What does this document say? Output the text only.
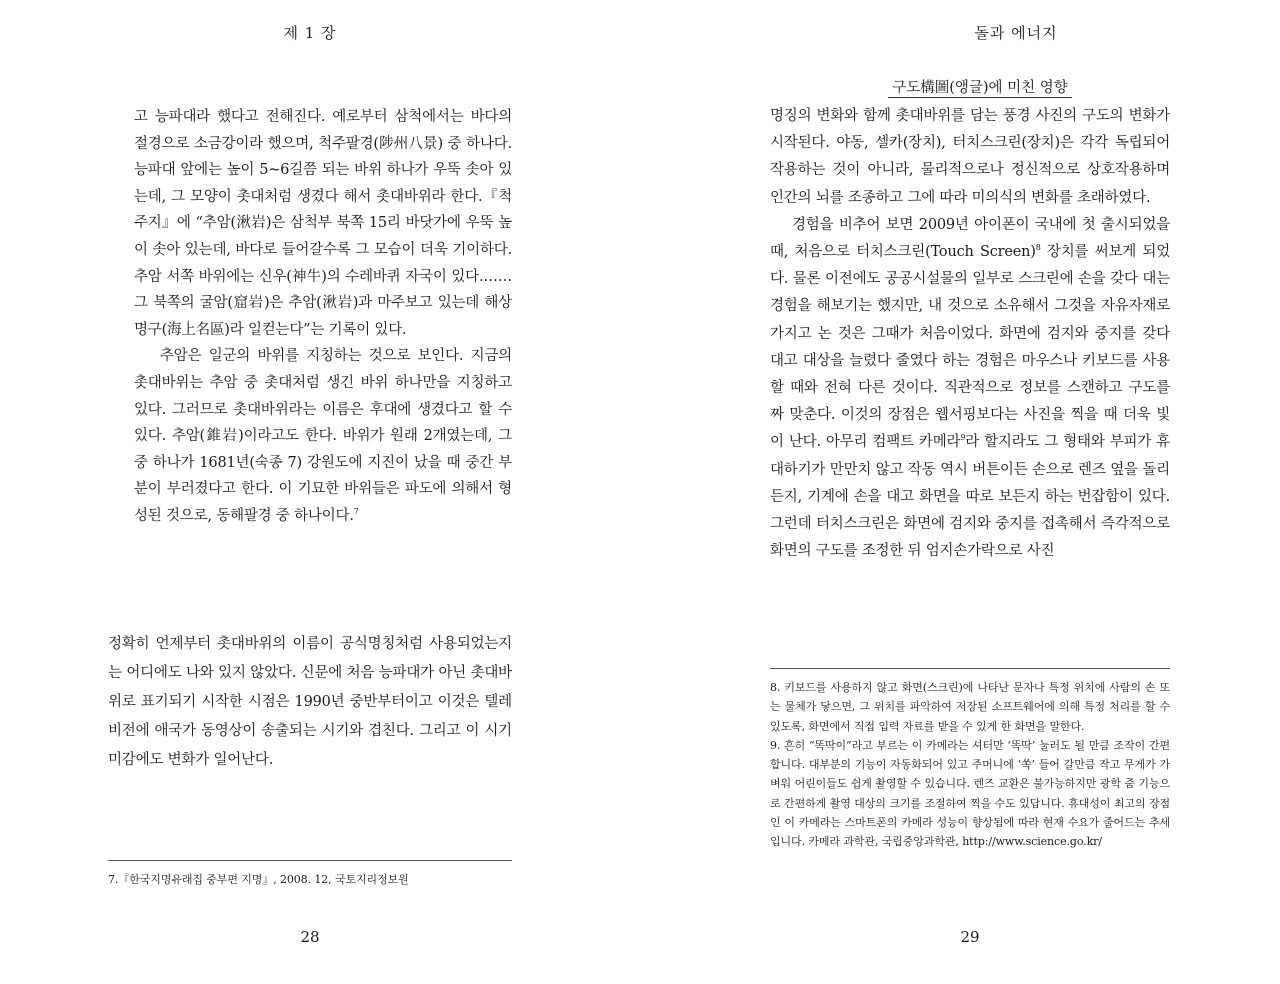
제 1 장

고 능파대라 했다고 전해진다. 예로부터 삼척에서는 바다의 절경으로 소금강이라 했으며, 척주팔경(陟州八景) 중 하나다. 능파대 앞에는 높이 5~6길쯤 되는 바위 하나가 우뚝 솟아 있는데, 그 모양이 촛대처럼 생겼다 해서 촛대바위라 한다.『척주지』에 “추암(湫岩)은 삼척부 북쪽 15리 바닷가에 우뚝 높이 솟아 있는데, 바다로 들어갈수록 그 모습이 더욱 기이하다. 추암 서쪽 바위에는 신우(神牛)의 수레바퀴 자국이 있다.…… 그 북쪽의 굴암(窟岩)은 추암(湫岩)과 마주보고 있는데 해상명구(海上名區)라 일컫는다”는 기록이 있다.

추암은 일군의 바위를 지칭하는 것으로 보인다. 지금의 촛대바위는 추암 중 촛대처럼 생긴 바위 하나만을 지칭하고 있다. 그러므로 촛대바위라는 이름은 후대에 생겼다고 할 수 있다. 추암(錐岩)이라고도 한다. 바위가 원래 2개였는데, 그중 하나가 1681년(숙종 7) 강원도에 지진이 났을 때 중간 부분이 부러졌다고 한다. 이 기묘한 바위들은 파도에 의해서 형성된 것으로, 동해팔경 중 하나이다.$^7$

정확히 언제부터 촛대바위의 이름이 공식명칭처럼 사용되었는지는 어디에도 나와 있지 않았다. 신문에 처음 능파대가 아닌 촛대바위로 표기되기 시작한 시점은 1990년 중반부터이고 이것은 텔레비전에 애국가 동영상이 송출되는 시기와 겹친다. 그리고 이 시기 미감에도 변화가 일어난다.

7.『한국지명유래집 중부편 지명』, 2008. 12, 국토지리정보원

28
돌과 에너지
구도構圖(앵글)에 미친 영향

명징의 변화와 함께 촛대바위를 담는 풍경 사진의 구도의 변화가 시작된다. 야동, 셀카(장치), 터치스크린(장치)은 각각 독립되어 작용하는 것이 아니라, 물리적으로나 정신적으로 상호작용하며 인간의 뇌를 조종하고 그에 따라 미의식의 변화를 초래하였다.

경험을 비추어 보면 2009년 아이폰이 국내에 첫 출시되었을 때, 처음으로 터치스크린(Touch Screen)$^8$ 장치를 써보게 되었다. 물론 이전에도 공공시설물의 일부로 스크린에 손을 갖다 대는 경험을 해보기는 했지만, 내 것으로 소유해서 그것을 자유자재로 가지고 논 것은 그때가 처음이었다. 화면에 검지와 중지를 갖다 대고 대상을 늘렸다 줄였다 하는 경험은 마우스나 키보드를 사용할 때와 전혀 다른 것이다. 직관적으로 정보를 스캔하고 구도를 짜 맞춘다. 이것의 장점은 웹서핑보다는 사진을 찍을 때 더욱 빛이 난다. 아무리 컴팩트 카메라$^9$라 할지라도 그 형태와 부피가 휴대하기가 만만치 않고 작동 역시 버튼이든 손으로 렌즈 옆을 돌리든지, 기계에 손을 대고 화면을 따로 보든지 하는 번잡함이 있다. 그런데 터치스크린은 화면에 검지와 중지를 접촉해서 즉각적으로 화면의 구도를 조정한 뒤 엄지손가락으로 사진

8. 키보드를 사용하지 않고 화면(스크린)에 나타난 문자나 특정 위치에 사람의 손 또는 물체가 닿으면, 그 위치를 파악하여 저장된 소프트웨어에 의해 특정 처리를 할 수 있도록, 화면에서 직접 입력 자료를 받을 수 있게 한 화면을 말한다.

9. 흔히 “똑딱이”라고 부르는 이 카메라는 셔터만 ‘똑딱’ 눌러도 될 만큼 조작이 간편합니다. 대부분의 기능이 자동화되어 있고 주머니에 ‘쏙’ 들어 갈만큼 작고 무게가 가벼워 어린이들도 쉽게 촬영할 수 있습니다. 렌즈 교환은 불가능하지만 광학 줌 기능으로 간편하게 촬영 대상의 크기를 조절하여 찍을 수도 있답니다. 휴대성이 최고의 장점인 이 카메라는 스마트폰의 카메라 성능이 향상됨에 따라 현재 수요가 줄어드는 추세입니다. 카메라 과학관, 국립중앙과학관, http://www.science.go.kr/

29
